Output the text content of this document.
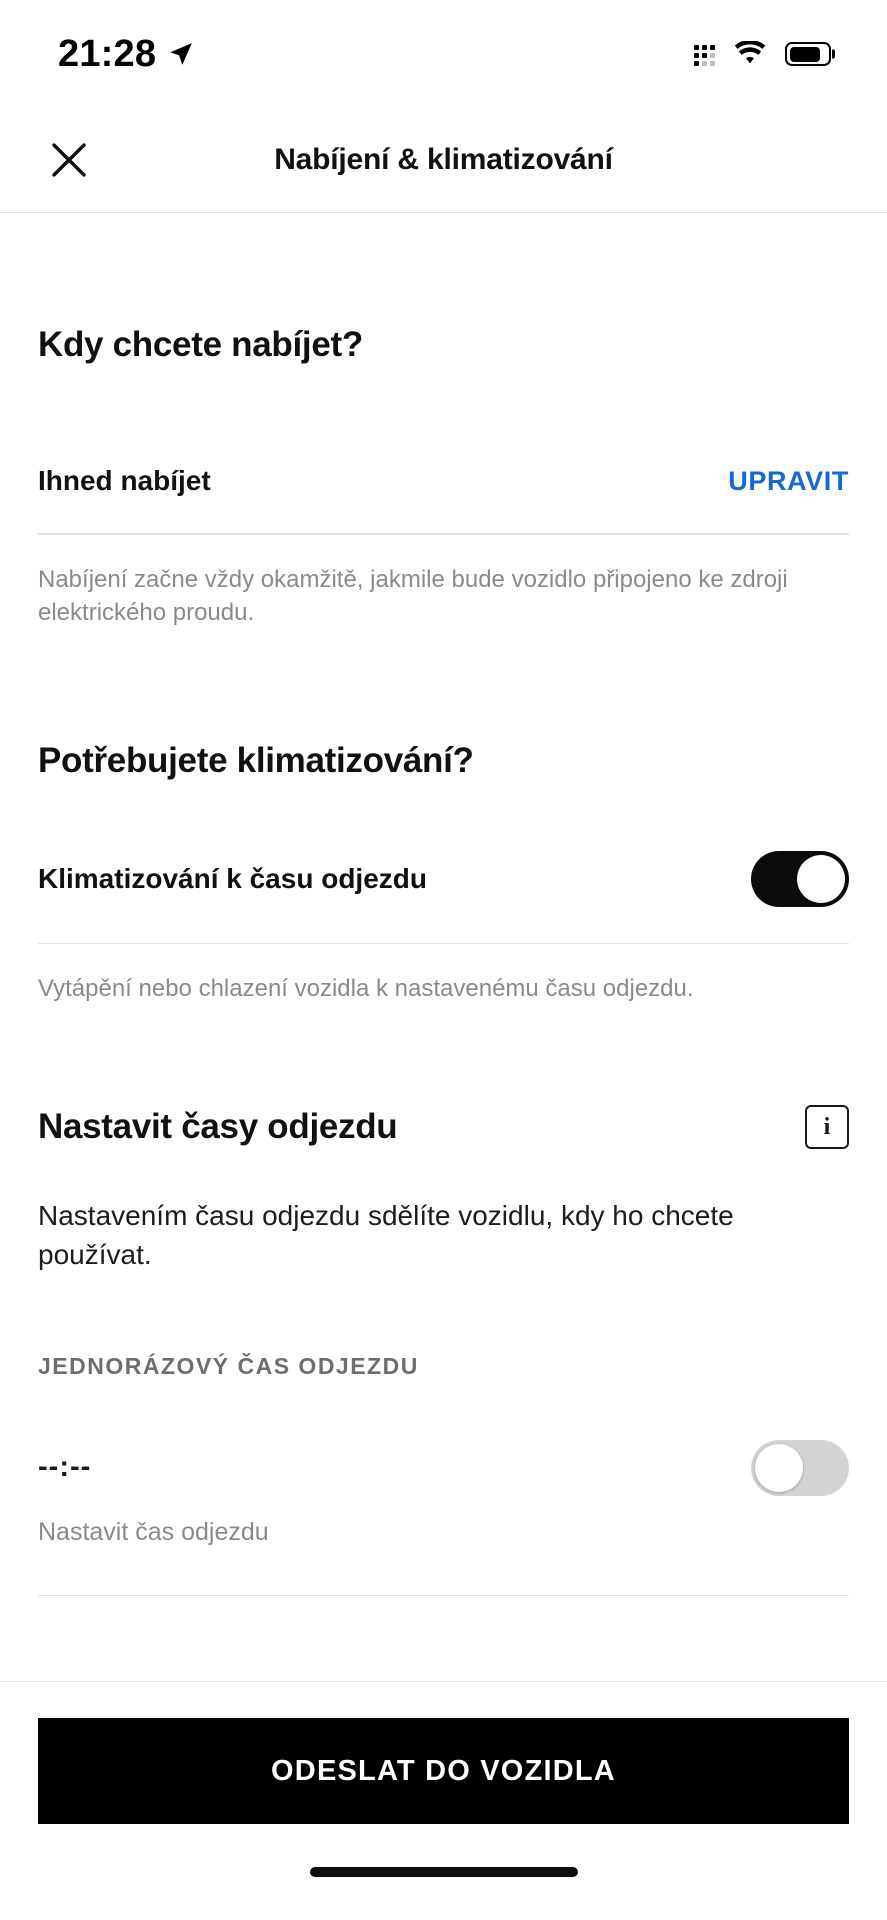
21:28
Nabíjení & klimatizování
Kdy chcete nabíjet?
Ihned nabíjet	UPRAVIT
Nabíjení začne vždy okamžitě, jakmile bude vozidlo připojeno ke zdroji elektrického proudu.
Potřebujete klimatizování?
Klimatizování k času odjezdu
Vytápění nebo chlazení vozidla k nastavenému času odjezdu.
Nastavit časy odjezdu	i
Nastavením času odjezdu sdělíte vozidlu, kdy ho chcete používat.
JEDNORÁZOVÝ ČAS ODJEZDU
--:--
Nastavit čas odjezdu
ODESLAT DO VOZIDLA
